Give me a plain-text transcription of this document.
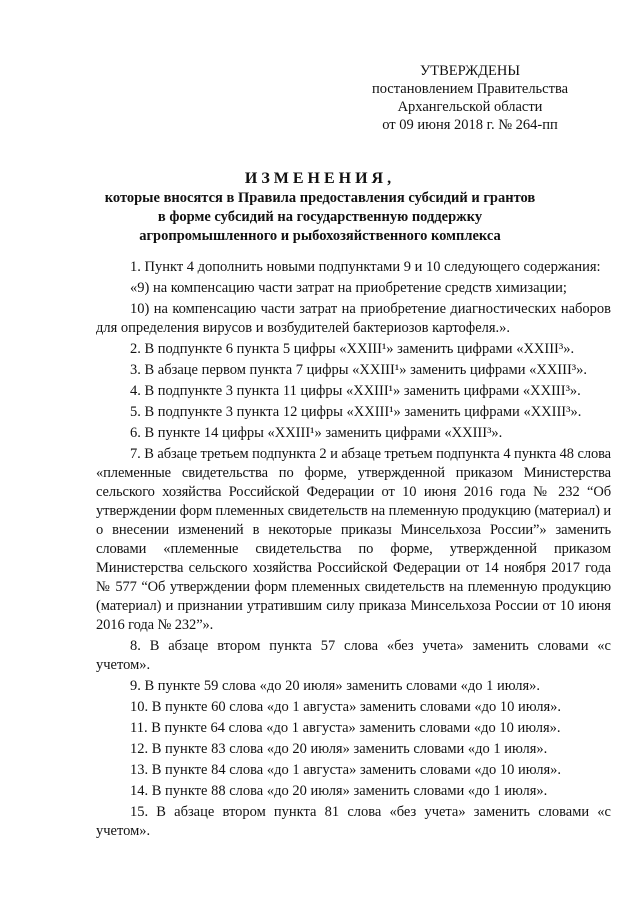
УТВЕРЖДЕНЫ
постановлением Правительства
Архангельской области
от 09 июня 2018 г. № 264-пп
ИЗМЕНЕНИЯ,
которые вносятся в Правила предоставления субсидий и грантов
в форме субсидий на государственную поддержку
агропромышленного и рыбохозяйственного комплекса

1. Пункт 4 дополнить новыми подпунктами 9 и 10 следующего содержания:

«9) на компенсацию части затрат на приобретение средств химизации;

10) на компенсацию части затрат на приобретение диагностических наборов для определения вирусов и возбудителей бактериозов картофеля.».

2. В подпункте 6 пункта 5 цифры «ХХIII¹» заменить цифрами «ХХIII³».

3. В абзаце первом пункта 7 цифры «ХХIII¹» заменить цифрами «ХХIII³».

4. В подпункте 3 пункта 11 цифры «ХХIII¹» заменить цифрами «ХХIII³».

5. В подпункте 3 пункта 12 цифры «ХХIII¹» заменить цифрами «ХХIII³».

6. В пункте 14 цифры «ХХIII¹» заменить цифрами «ХХIII³».

7. В абзаце третьем подпункта 2 и абзаце третьем подпункта 4 пункта 48 слова «племенные свидетельства по форме, утвержденной приказом Министерства сельского хозяйства Российской Федерации от 10 июня 2016 года № 232 “Об утверждении форм племенных свидетельств на племенную продукцию (материал) и о внесении изменений в некоторые приказы Минсельхоза России”» заменить словами «племенные свидетельства по форме, утвержденной приказом Министерства сельского хозяйства Российской Федерации от 14 ноября 2017 года № 577 “Об утверждении форм племенных свидетельств на племенную продукцию (материал) и признании утратившим силу приказа Минсельхоза России от 10 июня 2016 года № 232”».

8. В абзаце втором пункта 57 слова «без учета» заменить словами «с учетом».

9. В пункте 59 слова «до 20 июля» заменить словами «до 1 июля».

10. В пункте 60 слова «до 1 августа» заменить словами «до 10 июля».

11. В пункте 64 слова «до 1 августа» заменить словами «до 10 июля».

12. В пункте 83 слова «до 20 июля» заменить словами «до 1 июля».

13. В пункте 84 слова «до 1 августа» заменить словами «до 10 июля».

14. В пункте 88 слова «до 20 июля» заменить словами «до 1 июля».

15. В абзаце втором пункта 81 слова «без учета» заменить словами «с учетом».
